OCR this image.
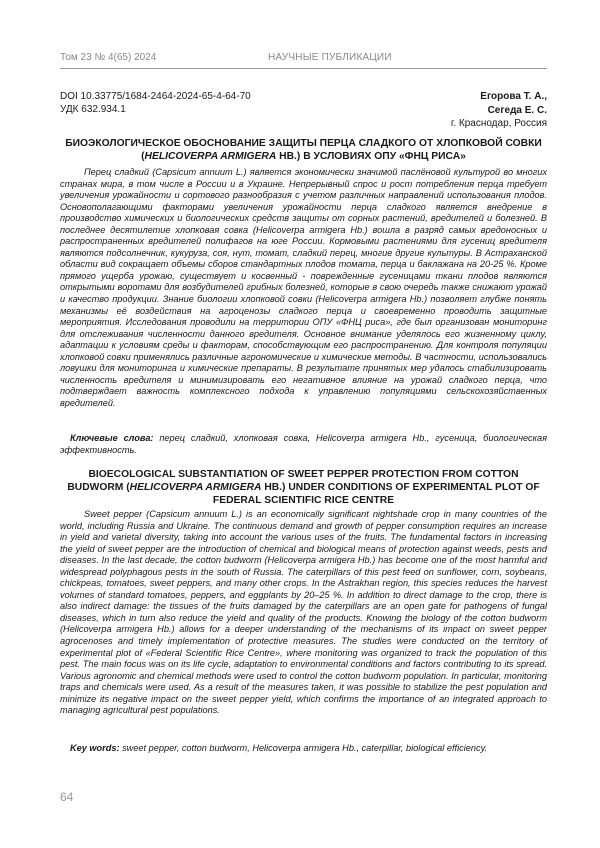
Том 23 № 4(65) 2024	НАУЧНЫЕ ПУБЛИКАЦИИ
DOI 10.33775/1684-2464-2024-65-4-64-70
УДК 632.934.1
Егорова Т. А.,
Сегеда Е. С.
г. Краснодар, Россия
БИОЭКОЛОГИЧЕСКОЕ ОБОСНОВАНИЕ ЗАЩИТЫ ПЕРЦА СЛАДКОГО ОТ ХЛОПКОВОЙ СОВКИ (HELICOVERPA ARMIGERA HB.) В УСЛОВИЯХ ОПУ «ФНЦ РИСА»

Перец сладкий (Capsicum annuum L.) является экономически значимой паслёновой культурой во многих странах мира, в том числе в России и в Украине. Непрерывный спрос и рост потребления перца требует увеличения урожайности и сортового разнообразия с учетом различных направлений использования плодов. Основополагающими факторами увеличения урожайности перца сладкого является внедрение в производство химических и биологических средств защиты от сорных растений, вредителей и болезней. В последнее десятилетие хлопковая совка (Helicoverpa armigera Hb.) вошла в разряд самых вредоносных и распространенных вредителей полифагов на юге России. Кормовыми растениями для гусениц вредителя являются подсолнечник, кукуруза, соя, нут, томат, сладкий перец, многие другие культуры. В Астраханской области вид сокращает объемы сборов стандартных плодов томата, перца и баклажана на 20-25 %. Кроме прямого ущерба урожаю, существует и косвенный - поврежденные гусеницами ткани плодов являются открытыми воротами для возбудителей грибных болезней, которые в свою очередь также снижают урожай и качество продукции. Знание биологии хлопковой совки (Helicoverpa armigera Hb.) позволяет глубже понять механизмы её воздействия на агроценозы сладкого перца и своевременно проводить защитные мероприятия. Исследования проводили на территории ОПУ «ФНЦ риса», где был организован мониторинг для отслеживания численности данного вредителя. Основное внимание уделялось его жизненному циклу, адаптации к условиям среды и факторам, способствующим его распространению. Для контроля популяции хлопковой совки применялись различные агрономические и химические методы. В частности, использовались ловушки для мониторинга и химические препараты. В результате принятых мер удалось стабилизировать численность вредителя и минимизировать его негативное влияние на урожай сладкого перца, что подтверждает важность комплексного подхода к управлению популяциями сельскохозяйственных вредителей.

Ключевые слова: перец сладкий, хлопковая совка, Helicoverpa armigera Hb., гусеница, биологическая эффективность.

BIOECOLOGICAL SUBSTANTIATION OF SWEET PEPPER PROTECTION FROM COTTON BUDWORM (HELICOVERPA ARMIGERA HB.) UNDER CONDITIONS OF EXPERIMENTAL PLOT OF FEDERAL SCIENTIFIC RICE CENTRE

Sweet pepper (Capsicum annuum L.) is an economically significant nightshade crop in many countries of the world, including Russia and Ukraine. The continuous demand and growth of pepper consumption requires an increase in yield and varietal diversity, taking into account the various uses of the fruits. The fundamental factors in increasing the yield of sweet pepper are the introduction of chemical and biological means of protection against weeds, pests and diseases. In the last decade, the cotton budworm (Helicoverpa armigera Hb.) has become one of the most harmful and widespread polyphagous pests in the south of Russia. The caterpillars of this pest feed on sunflower, corn, soybeans, chickpeas, tomatoes, sweet peppers, and many other crops. In the Astrakhan region, this species reduces the harvest volumes of standard tomatoes, peppers, and eggplants by 20–25 %. In addition to direct damage to the crop, there is also indirect damage: the tissues of the fruits damaged by the caterpillars are an open gate for pathogens of fungal diseases, which in turn also reduce the yield and quality of the products. Knowing the biology of the cotton budworm (Helicoverpa armigera Hb.) allows for a deeper understanding of the mechanisms of its impact on sweet pepper agrocenoses and timely implementation of protective measures. The studies were conducted on the territory of experimental plot of «Federal Scientific Rice Centre», where monitoring was organized to track the population of this pest. The main focus was on its life cycle, adaptation to environmental conditions and factors contributing to its spread. Various agronomic and chemical methods were used to control the cotton budworm population. In particular, monitoring traps and chemicals were used. As a result of the measures taken, it was possible to stabilize the pest population and minimize its negative impact on the sweet pepper yield, which confirms the importance of an integrated approach to managing agricultural pest populations.

Key words: sweet pepper, cotton budworm, Helicoverpa armigera Hb., caterpillar, biological efficiency.

64
